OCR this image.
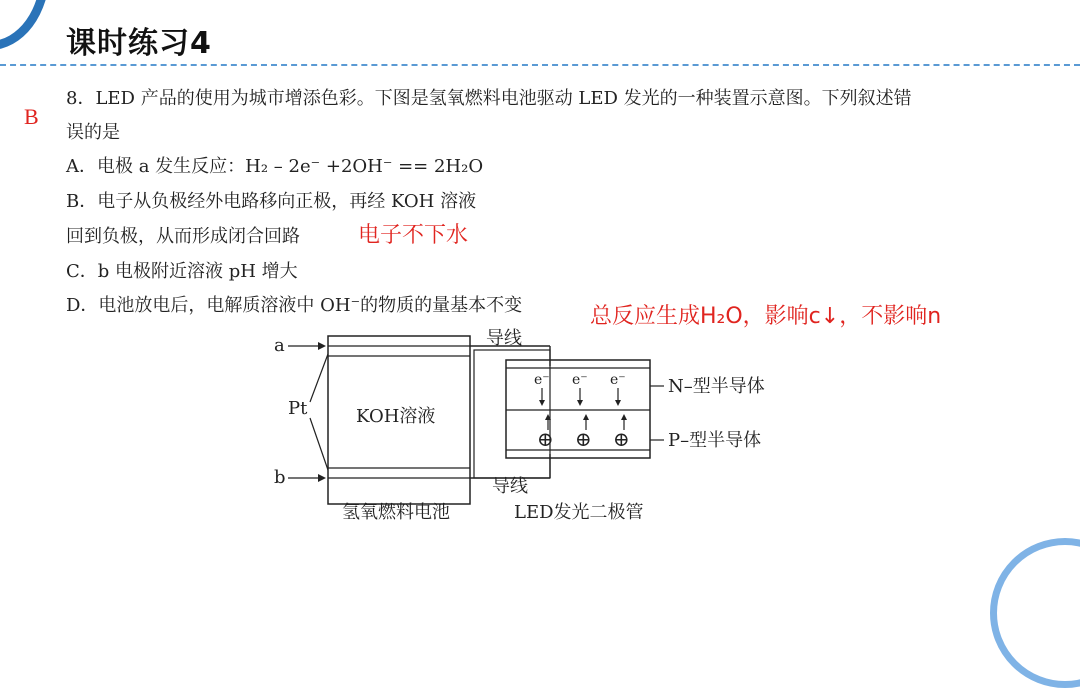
课时练习4
B
8．LED 产品的使用为城市增添色彩。下图是氢氧燃料电池驱动 LED 发光的一种装置示意图。下列叙述错
误的是
A．电极 a 发生反应：H₂ – 2e⁻ +2OH⁻ == 2H₂O
B．电子从负极经外电路移向正极，再经 KOH 溶液
回到负极，从而形成闭合回路	电子不下水
C．b 电极附近溶液 pH 增大
D．电池放电后，电解质溶液中 OH⁻的物质的量基本不变	总反应生成H₂O，影响c↓，不影响n
a
b
Pt	KOH溶液
导线
导线
e⁻ e⁻ e⁻
⊕ ⊕ ⊕
N–型半导体
P–型半导体
氢氧燃料电池	LED发光二极管
